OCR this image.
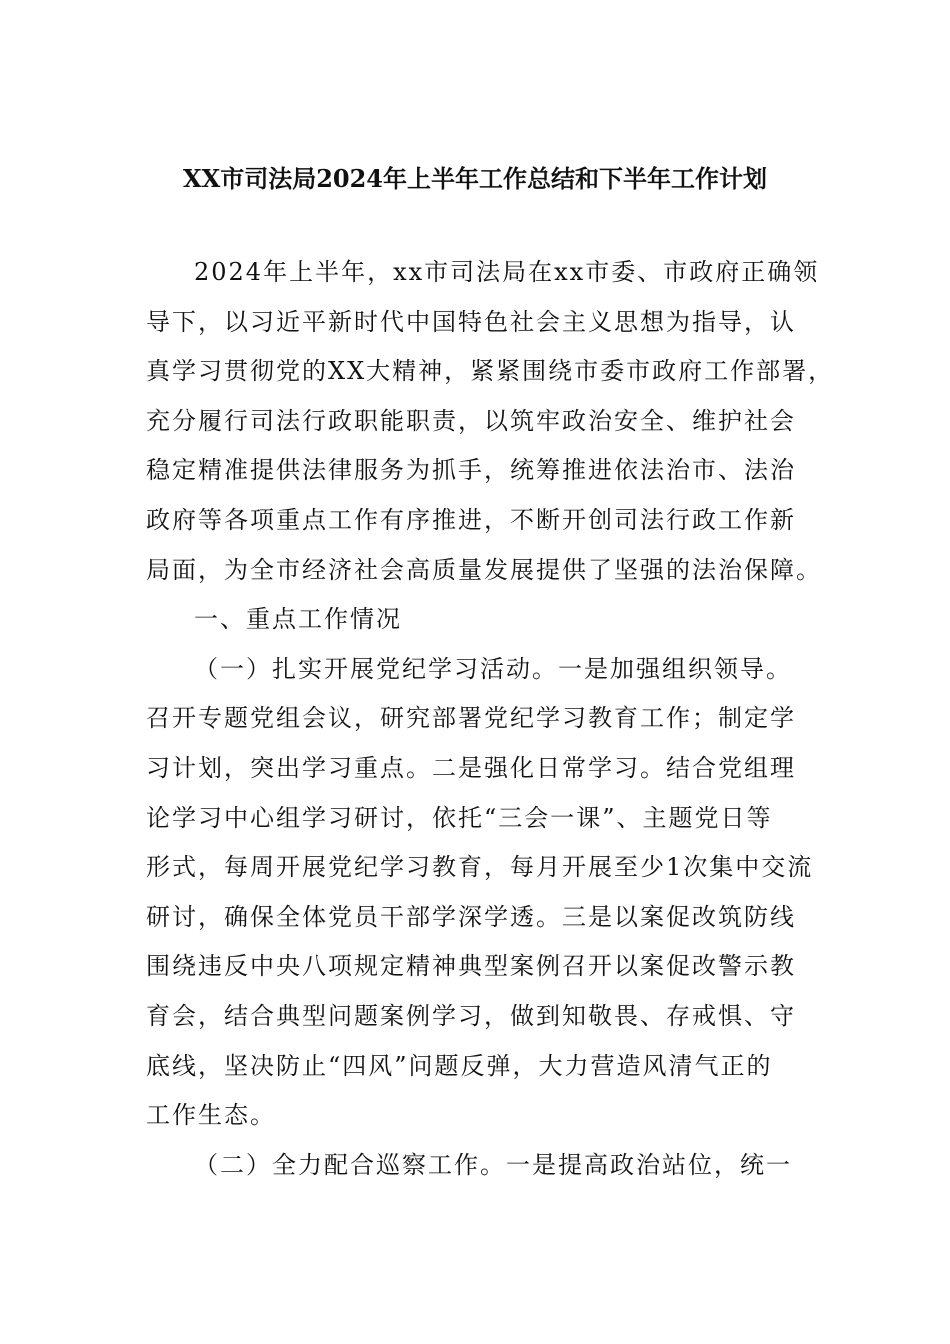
XX市司法局2024年上半年工作总结和下半年工作计划
2024年上半年，xx市司法局在xx市委、市政府正确领
导下，以习近平新时代中国特色社会主义思想为指导，认
真学习贯彻党的XX大精神，紧紧围绕市委市政府工作部署，
充分履行司法行政职能职责，以筑牢政治安全、维护社会
稳定精准提供法律服务为抓手，统筹推进依法治市、法治
政府等各项重点工作有序推进，不断开创司法行政工作新
局面，为全市经济社会高质量发展提供了坚强的法治保障。
一、重点工作情况
（一）扎实开展党纪学习活动。一是加强组织领导。
召开专题党组会议，研究部署党纪学习教育工作；制定学
习计划，突出学习重点。二是强化日常学习。结合党组理
论学习中心组学习研讨，依托“三会一课”、主题党日等
形式，每周开展党纪学习教育，每月开展至少1次集中交流
研讨，确保全体党员干部学深学透。三是以案促改筑防线
围绕违反中央八项规定精神典型案例召开以案促改警示教
育会，结合典型问题案例学习，做到知敬畏、存戒惧、守
底线，坚决防止“四风”问题反弹，大力营造风清气正的
工作生态。
（二）全力配合巡察工作。一是提高政治站位，统一
